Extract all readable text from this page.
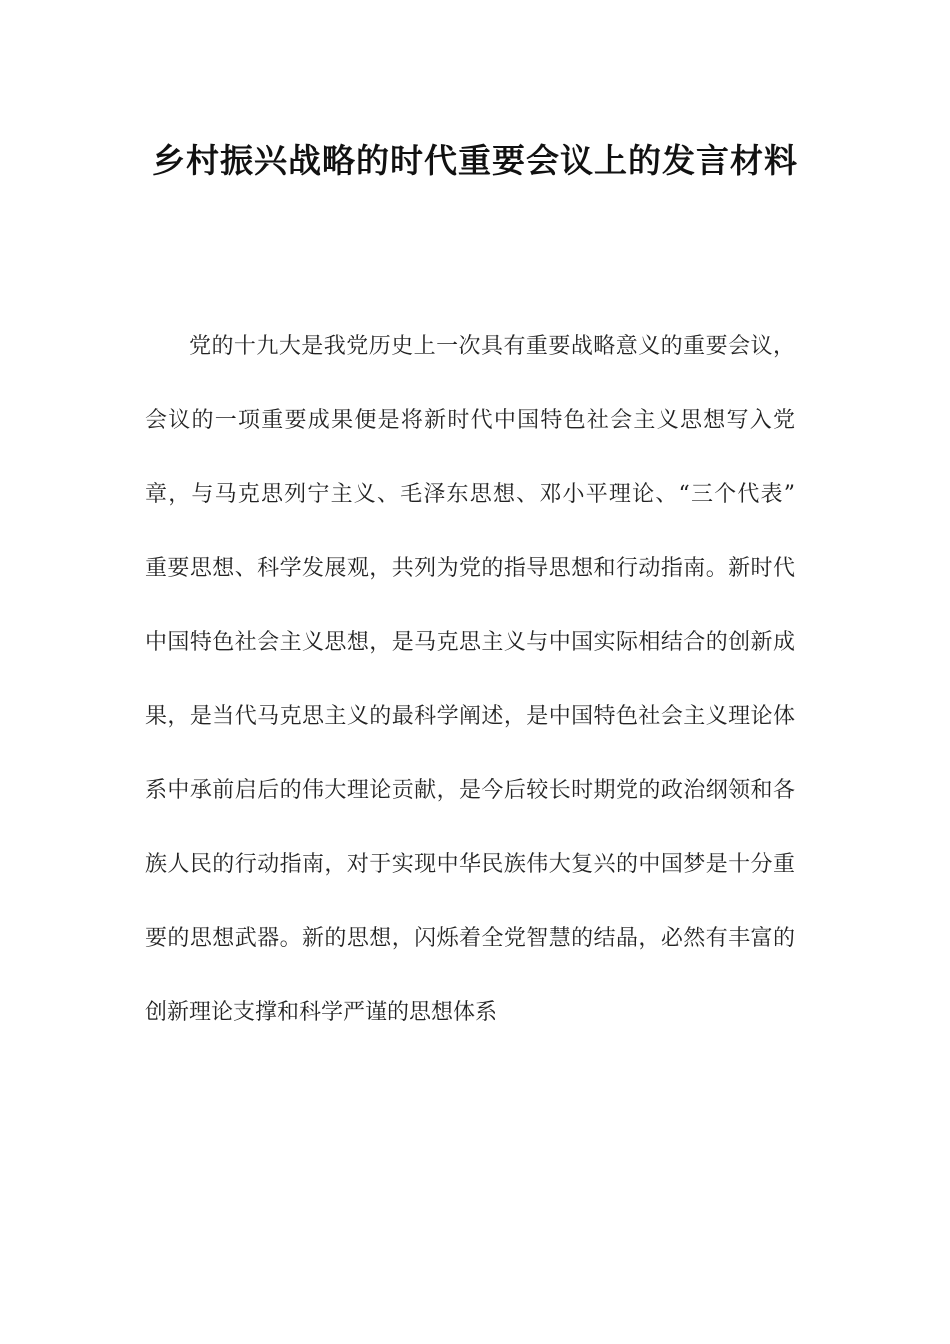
乡村振兴战略的时代重要会议上的发言材料
党的十九大是我党历史上一次具有重要战略意义的重要会议，
会议的一项重要成果便是将新时代中国特色社会主义思想写入党
章，与马克思列宁主义、毛泽东思想、邓小平理论、“三个代表”
重要思想、科学发展观，共列为党的指导思想和行动指南。新时代
中国特色社会主义思想，是马克思主义与中国实际相结合的创新成
果，是当代马克思主义的最科学阐述，是中国特色社会主义理论体
系中承前启后的伟大理论贡献，是今后较长时期党的政治纲领和各
族人民的行动指南，对于实现中华民族伟大复兴的中国梦是十分重
要的思想武器。新的思想，闪烁着全党智慧的结晶，必然有丰富的
创新理论支撑和科学严谨的思想体系
